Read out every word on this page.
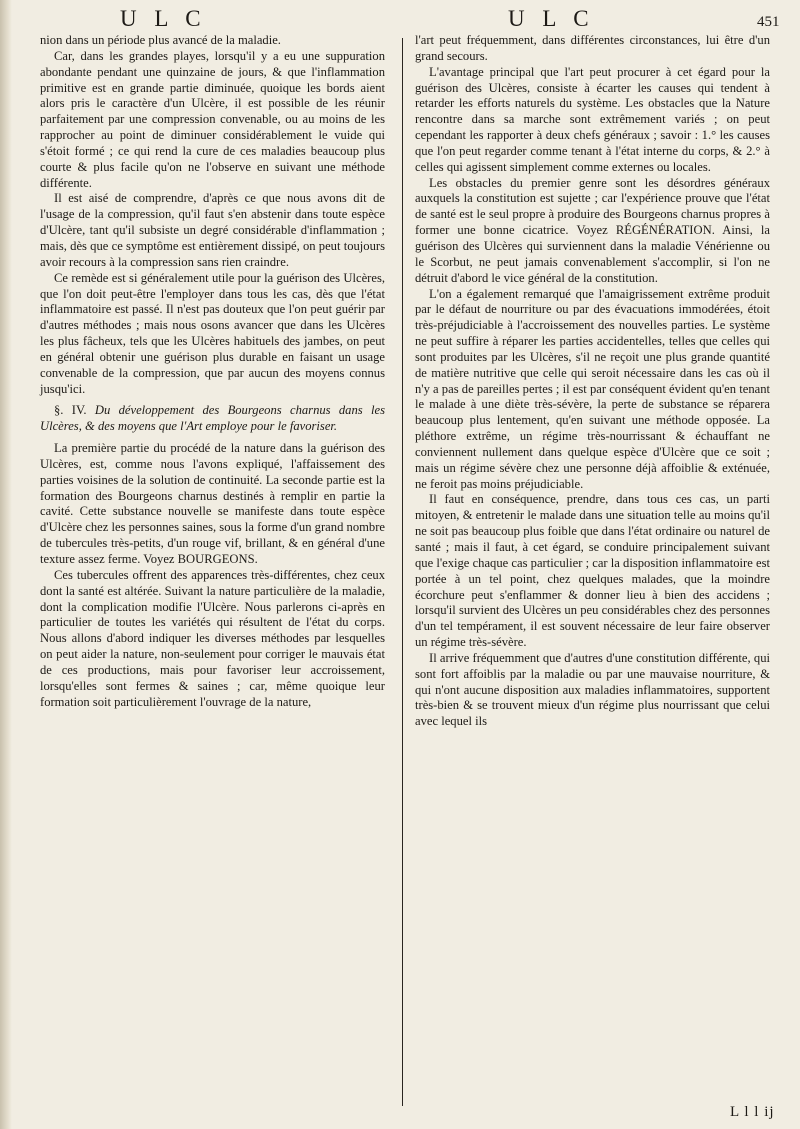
U L C	U L C	451

nion dans un période plus avancé de la maladie.

Car, dans les grandes playes, lorsqu'il y a eu une suppuration abondante pendant une quinzaine de jours, & que l'inflammation primitive est en grande partie diminuée, quoique les bords aient alors pris le caractère d'un Ulcère, il est possible de les réunir parfaitement par une compression convenable, ou au moins de les rapprocher au point de diminuer considérablement le vuide qui s'étoit formé ; ce qui rend la cure de ces maladies beaucoup plus courte & plus facile qu'on ne l'observe en suivant une méthode différente.

Il est aisé de comprendre, d'après ce que nous avons dit de l'usage de la compression, qu'il faut s'en abstenir dans toute espèce d'Ulcère, tant qu'il subsiste un degré considérable d'inflammation ; mais, dès que ce symptôme est entièrement dissipé, on peut toujours avoir recours à la compression sans rien craindre.

Ce remède est si généralement utile pour la guérison des Ulcères, que l'on doit peut-être l'employer dans tous les cas, dès que l'état inflammatoire est passé. Il n'est pas douteux que l'on peut guérir par d'autres méthodes ; mais nous osons avancer que dans les Ulcères les plus fâcheux, tels que les Ulcères habituels des jambes, on peut en général obtenir une guérison plus durable en faisant un usage convenable de la compression, que par aucun des moyens connus jusqu'ici.

§. IV. Du développement des Bourgeons charnus dans les Ulcères, & des moyens que l'Art employe pour le favoriser.

La première partie du procédé de la nature dans la guérison des Ulcères, est, comme nous l'avons expliqué, l'affaissement des parties voisines de la solution de continuité. La seconde partie est la formation des Bourgeons charnus destinés à remplir en partie la cavité. Cette substance nouvelle se manifeste dans toute espèce d'Ulcère chez les personnes saines, sous la forme d'un grand nombre de tubercules très-petits, d'un rouge vif, brillant, & en général d'une texture assez ferme. Voyez BOURGEONS.

Ces tubercules offrent des apparences très-différentes, chez ceux dont la santé est altérée. Suivant la nature particulière de la maladie, dont la complication modifie l'Ulcère. Nous parlerons ci-après en particulier de toutes les variétés qui résultent de l'état du corps. Nous allons d'abord indiquer les diverses méthodes par lesquelles on peut aider la nature, non-seulement pour corriger le mauvais état de ces productions, mais pour favoriser leur accroissement, lorsqu'elles sont fermes & saines ; car, même quoique leur formation soit particulièrement l'ouvrage de la nature,

l'art peut fréquemment, dans différentes circonstances, lui être d'un grand secours.

L'avantage principal que l'art peut procurer à cet égard pour la guérison des Ulcères, consiste à écarter les causes qui tendent à retarder les efforts naturels du système. Les obstacles que la Nature rencontre dans sa marche sont extrêmement variés ; on peut cependant les rapporter à deux chefs généraux ; savoir : 1.° les causes que l'on peut regarder comme tenant à l'état interne du corps, & 2.° à celles qui agissent simplement comme externes ou locales.

Les obstacles du premier genre sont les désordres généraux auxquels la constitution est sujette ; car l'expérience prouve que l'état de santé est le seul propre à produire des Bourgeons charnus propres à former une bonne cicatrice. Voyez RÉGÉNÉRATION. Ainsi, la guérison des Ulcères qui surviennent dans la maladie Vénérienne ou le Scorbut, ne peut jamais convenablement s'accomplir, si l'on ne détruit d'abord le vice général de la constitution.

L'on a également remarqué que l'amaigrissement extrême produit par le défaut de nourriture ou par des évacuations immodérées, étoit très-préjudiciable à l'accroissement des nouvelles parties. Le système ne peut suffire à réparer les parties accidentelles, telles que celles qui sont produites par les Ulcères, s'il ne reçoit une plus grande quantité de matière nutritive que celle qui seroit nécessaire dans les cas où il n'y a pas de pareilles pertes ; il est par conséquent évident qu'en tenant le malade à une diète très-sévère, la perte de substance se réparera beaucoup plus lentement, qu'en suivant une méthode opposée. La pléthore extrême, un régime très-nourrissant & échauffant ne conviennent nullement dans quelque espèce d'Ulcère que ce soit ; mais un régime sévère chez une personne déjà affoiblie & exténuée, ne feroit pas moins préjudiciable.

Il faut en conséquence, prendre, dans tous ces cas, un parti mitoyen, & entretenir le malade dans une situation telle au moins qu'il ne soit pas beaucoup plus foible que dans l'état ordinaire ou naturel de santé ; mais il faut, à cet égard, se conduire principalement suivant que l'exige chaque cas particulier ; car la disposition inflammatoire est portée à un tel point, chez quelques malades, que la moindre écorchure peut s'enflammer & donner lieu à bien des accidens ; lorsqu'il survient des Ulcères un peu considérables chez des personnes d'un tel tempérament, il est souvent nécessaire de leur faire observer un régime très-sévère.

Il arrive fréquemment que d'autres d'une constitution différente, qui sont fort affoiblis par la maladie ou par une mauvaise nourriture, & qui n'ont aucune disposition aux maladies inflammatoires, supportent très-bien & se trouvent mieux d'un régime plus nourrissant que celui avec lequel ils

L l l ij
